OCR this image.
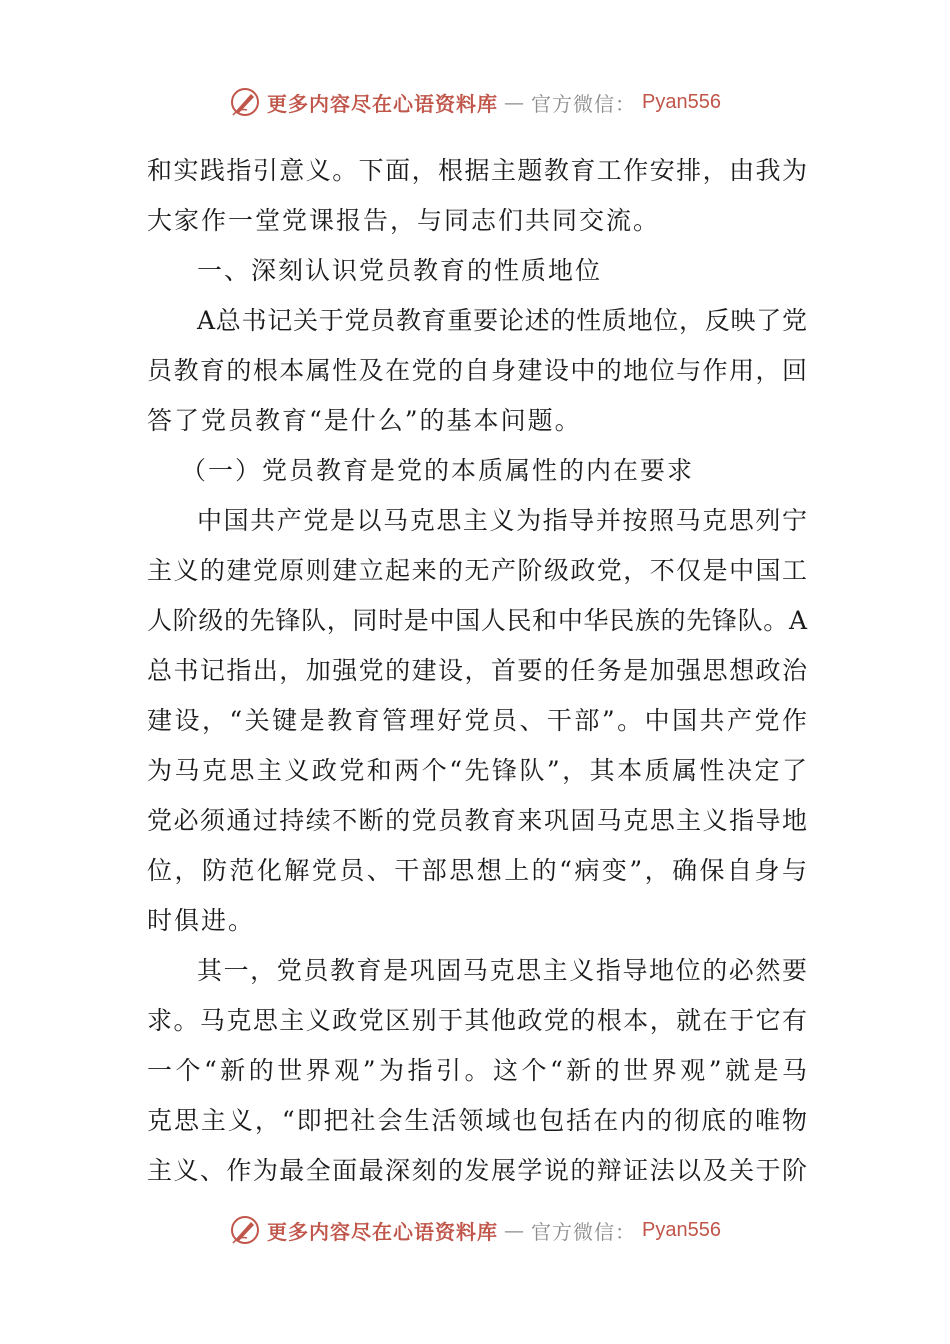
更多内容尽在心语资料库 — 官方微信： Pyan556
和实践指引意义。下面，根据主题教育工作安排，由我为
大家作一堂党课报告，与同志们共同交流。
一、深刻认识党员教育的性质地位
A总书记关于党员教育重要论述的性质地位，反映了党
员教育的根本属性及在党的自身建设中的地位与作用，回
答了党员教育“是什么”的基本问题。
（一）党员教育是党的本质属性的内在要求
中国共产党是以马克思主义为指导并按照马克思列宁
主义的建党原则建立起来的无产阶级政党，不仅是中国工
人阶级的先锋队，同时是中国人民和中华民族的先锋队。A
总书记指出，加强党的建设，首要的任务是加强思想政治
建设，“关键是教育管理好党员、干部”。中国共产党作
为马克思主义政党和两个“先锋队”，其本质属性决定了
党必须通过持续不断的党员教育来巩固马克思主义指导地
位，防范化解党员、干部思想上的“病变”，确保自身与
时俱进。
其一，党员教育是巩固马克思主义指导地位的必然要
求。马克思主义政党区别于其他政党的根本，就在于它有
一个“新的世界观”为指引。这个“新的世界观”就是马
克思主义，“即把社会生活领域也包括在内的彻底的唯物
主义、作为最全面最深刻的发展学说的辩证法以及关于阶
更多内容尽在心语资料库 — 官方微信： Pyan556
